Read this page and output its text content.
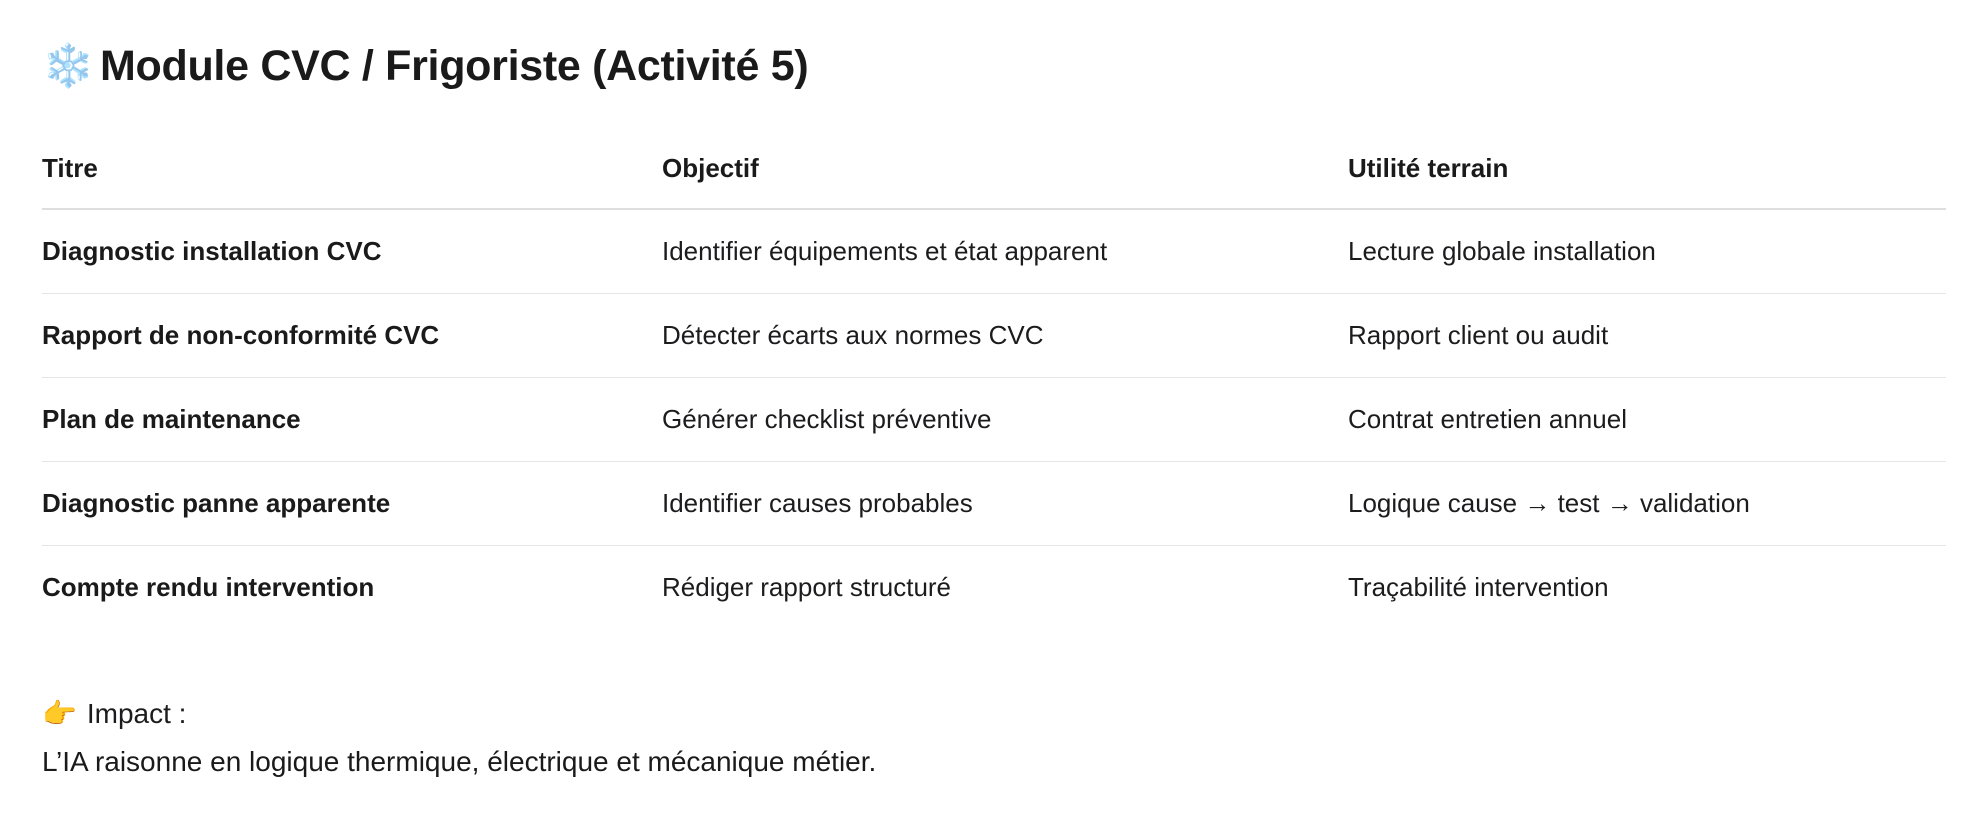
❄️ Module CVC / Frigoriste (Activité 5)
Titre	Objectif	Utilité terrain
Diagnostic installation CVC	Identifier équipements et état apparent	Lecture globale installation
Rapport de non-conformité CVC	Détecter écarts aux normes CVC	Rapport client ou audit
Plan de maintenance	Générer checklist préventive	Contrat entretien annuel
Diagnostic panne apparente	Identifier causes probables	Logique cause → test → validation
Compte rendu intervention	Rédiger rapport structuré	Traçabilité intervention
👉 Impact :
L’IA raisonne en logique thermique, électrique et mécanique métier.
